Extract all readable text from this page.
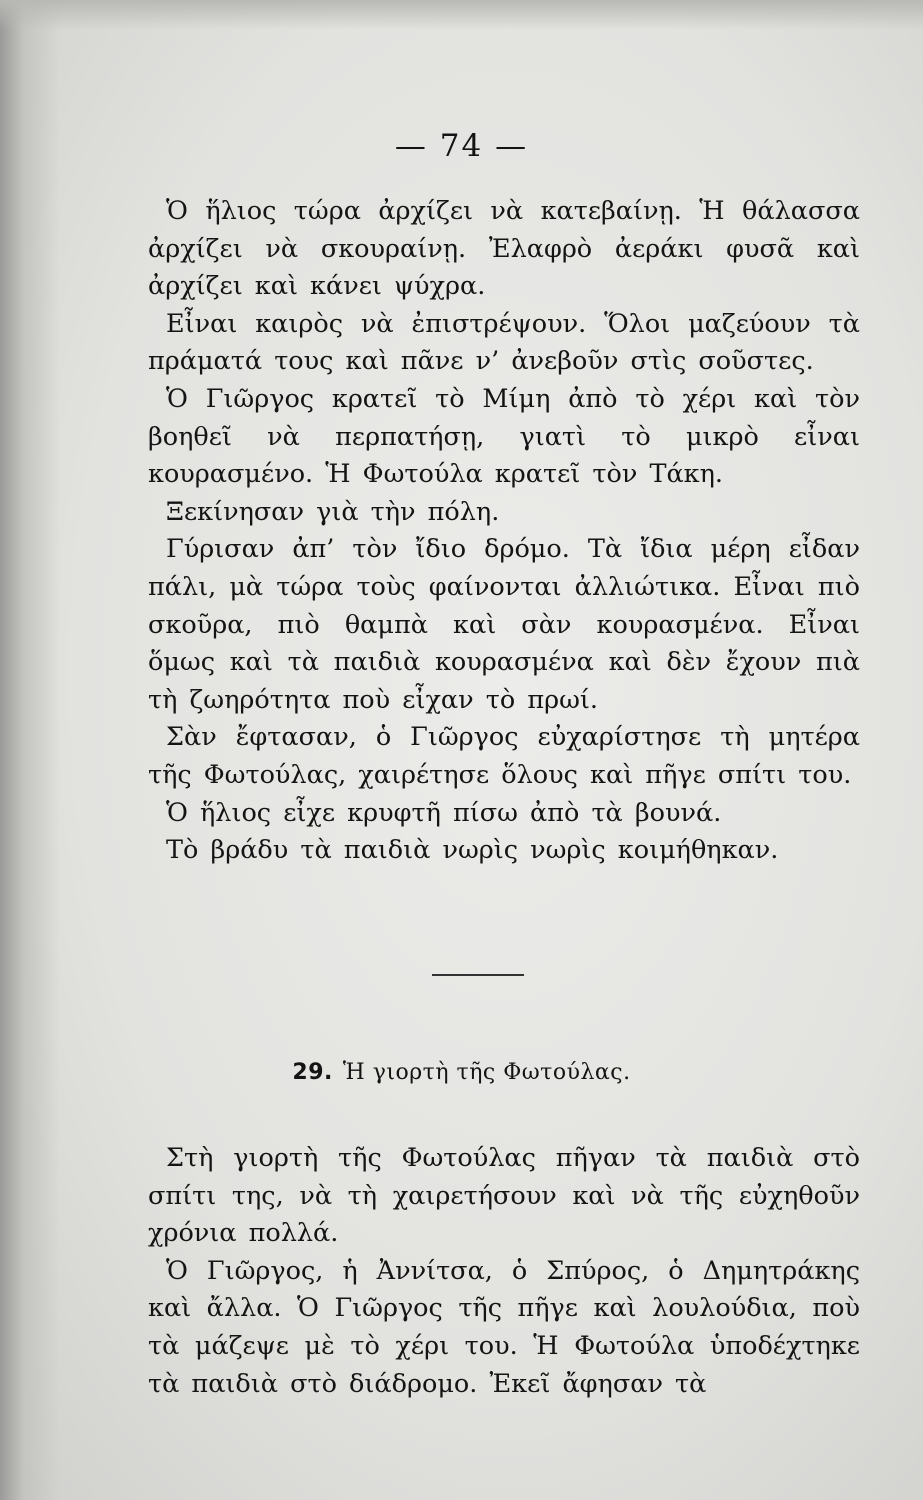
— 74 —

Ὁ ἥλιος τώρα ἀρχίζει νὰ κατεβαίνῃ. Ἡ θάλασσα ἀρχίζει νὰ σκουραίνῃ. Ἐλαφρὸ ἀεράκι φυσᾶ καὶ ἀρχίζει καὶ κάνει ψύχρα.

Εἶναι καιρὸς νὰ ἐπιστρέψουν. Ὅλοι μαζεύουν τὰ πράματά τους καὶ πᾶνε ν’ ἀνεβοῦν στὶς σοῦστες.

Ὁ Γιῶργος κρατεῖ τὸ Μίμη ἀπὸ τὸ χέρι καὶ τὸν βοηθεῖ νὰ περπατήσῃ, γιατὶ τὸ μικρὸ εἶναι κουρασμένο. Ἡ Φωτούλα κρατεῖ τὸν Τάκη.

Ξεκίνησαν γιὰ τὴν πόλη.

Γύρισαν ἀπ’ τὸν ἴδιο δρόμο. Τὰ ἴδια μέρη εἶδαν πάλι, μὰ τώρα τοὺς φαίνονται ἀλλιώτικα. Εἶναι πιὸ σκοῦρα, πιὸ θαμπὰ καὶ σὰν κουρασμένα. Εἶναι ὅμως καὶ τὰ παιδιὰ κουρασμένα καὶ δὲν ἔχουν πιὰ τὴ ζωηρότητα ποὺ εἶχαν τὸ πρωί.

Σὰν ἔφτασαν, ὁ Γιῶργος εὐχαρίστησε τὴ μητέρα τῆς Φωτούλας, χαιρέτησε ὅλους καὶ πῆγε σπίτι του.

Ὁ ἥλιος εἶχε κρυφτῆ πίσω ἀπὸ τὰ βουνά.

Τὸ βράδυ τὰ παιδιὰ νωρὶς νωρὶς κοιμήθηκαν.

29. Ἡ γιορτὴ τῆς Φωτούλας.

Στὴ γιορτὴ τῆς Φωτούλας πῆγαν τὰ παιδιὰ στὸ σπίτι της, νὰ τὴ χαιρετήσουν καὶ νὰ τῆς εὐχηθοῦν χρόνια πολλά.

Ὁ Γιῶργος, ἡ Ἀννίτσα, ὁ Σπύρος, ὁ Δημητράκης καὶ ἄλλα. Ὁ Γιῶργος τῆς πῆγε καὶ λουλούδια, ποὺ τὰ μάζεψε μὲ τὸ χέρι του. Ἡ Φωτούλα ὑποδέχτηκε τὰ παιδιὰ στὸ διάδρομο. Ἐκεῖ ἄφησαν τὰ
